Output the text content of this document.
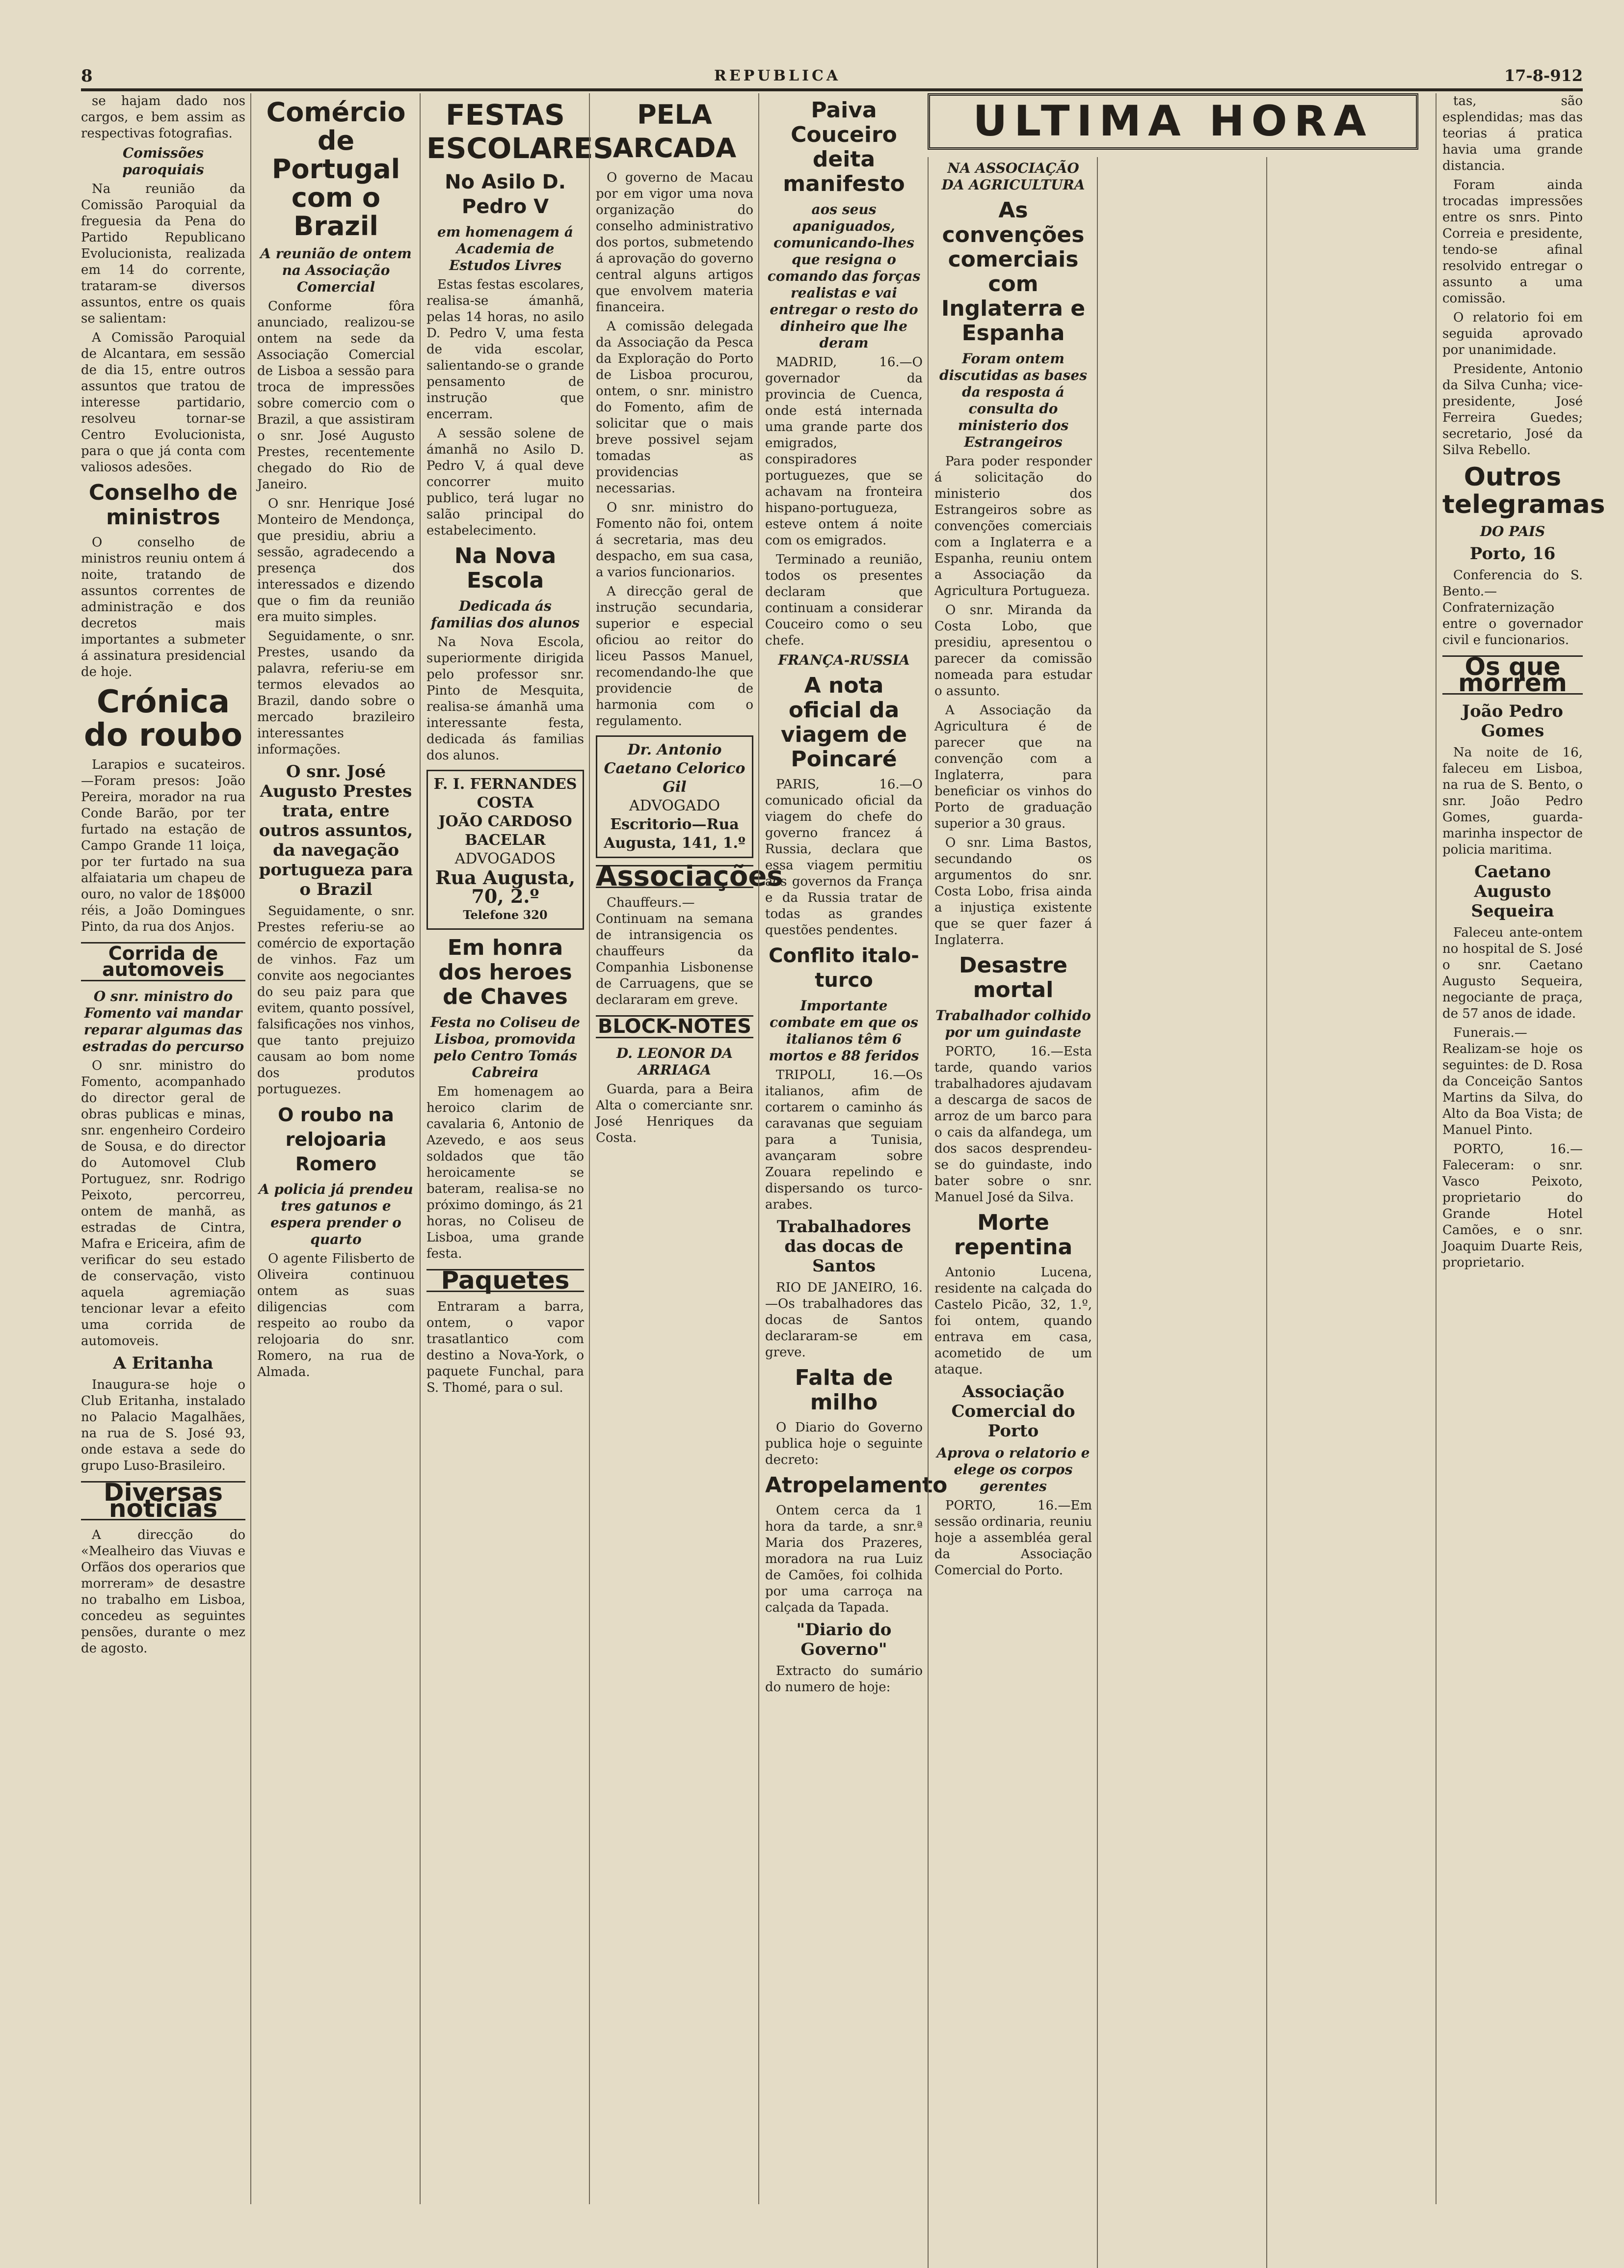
8	REPUBLICA	17-8-912
ULTIMA HORA

se hajam dado nos cargos, e bem assim as respectivas fotografias.

Comissões paroquiais

Na reunião da Comissão Paroquial da freguesia da Pena do Partido Republicano Evolucionista, realizada em 14 do corrente, trataram-se diversos assuntos, entre os quais se salientam:

A Comissão Paroquial de Alcantara, em sessão de dia 15, entre outros assuntos que tratou de interesse partidario, resolveu tornar-se Centro Evolucionista, para o que já conta com valiosos adesões.

Conselho de ministros

O conselho de ministros reuniu ontem á noite, tratando de assuntos correntes de administração e dos decretos mais importantes a submeter á assinatura presidencial de hoje.

Crónica do roubo

Larapios e sucateiros.—Foram presos: João Pereira, morador na rua Conde Barão, por ter furtado na estação de Campo Grande 11 loiça, por ter furtado na sua alfaiataria um chapeu de ouro, no valor de 18$000 réis, a João Domingues Pinto, da rua dos Anjos.

Corrida de automoveis
O snr. ministro do Fomento vai mandar reparar algumas das estradas do percurso

O snr. ministro do Fomento, acompanhado do director geral de obras publicas e minas, snr. engenheiro Cordeiro de Sousa, e do director do Automovel Club Portuguez, snr. Rodrigo Peixoto, percorreu, ontem de manhã, as estradas de Cintra, Mafra e Ericeira, afim de verificar do seu estado de conservação, visto aquela agremiação tencionar levar a efeito uma corrida de automoveis.

A Eritanha

Inaugura-se hoje o Club Eritanha, instalado no Palacio Magalhães, na rua de S. José 93, onde estava a sede do grupo Luso-Brasileiro.

Diversas noticias

A direcção do «Mealheiro das Viuvas e Orfãos dos operarios que morreram» de desastre no trabalho em Lisboa, concedeu as seguintes pensões, durante o mez de agosto.

Comércio de Portugal com o Brazil
A reunião de ontem na Associação Comercial

Conforme fôra anunciado, realizou-se ontem na sede da Associação Comercial de Lisboa a sessão para troca de impressões sobre comercio com o Brazil, a que assistiram o snr. José Augusto Prestes, recentemente chegado do Rio de Janeiro.

O snr. Henrique José Monteiro de Mendonça, que presidiu, abriu a sessão, agradecendo a presença dos interessados e dizendo que o fim da reunião era muito simples.

Seguidamente, o snr. Prestes, usando da palavra, referiu-se em termos elevados ao Brazil, dando sobre o mercado brazileiro interessantes informações.

O snr. José Augusto Prestes trata, entre outros assuntos, da navegação portugueza para o Brazil

Seguidamente, o snr. Prestes referiu-se ao comércio de exportação de vinhos. Faz um convite aos negociantes do seu paiz para que evitem, quanto possível, falsificações nos vinhos, que tanto prejuizo causam ao bom nome dos produtos portuguezes.

O roubo na relojoaria Romero
A policia já prendeu tres gatunos e espera prender o quarto

O agente Filisberto de Oliveira continuou ontem as suas diligencias com respeito ao roubo da relojoaria do snr. Romero, na rua de Almada.

FESTAS ESCOLARES
No Asilo D. Pedro V
em homenagem á Academia de Estudos Livres

Estas festas escolares, realisa-se ámanhã, pelas 14 horas, no asilo D. Pedro V, uma festa de vida escolar, salientando-se o grande pensamento de instrução que encerram.

A sessão solene de ámanhã no Asilo D. Pedro V, á qual deve concorrer muito publico, terá lugar no salão principal do estabelecimento.

Na Nova Escola
Dedicada ás familias dos alunos

Na Nova Escola, superiormente dirigida pelo professor snr. Pinto de Mesquita, realisa-se ámanhã uma interessante festa, dedicada ás familias dos alunos.

F. I. FERNANDES COSTA
JOÃO CARDOSO BACELAR
ADVOGADOS
Rua Augusta, 70, 2.º
Telefone 320
Em honra dos heroes de Chaves
Festa no Coliseu de Lisboa, promovida pelo Centro Tomás Cabreira

Em homenagem ao heroico clarim de cavalaria 6, Antonio de Azevedo, e aos seus soldados que tão heroicamente se bateram, realisa-se no próximo domingo, ás 21 horas, no Coliseu de Lisboa, uma grande festa.

Paquetes

Entraram a barra, ontem, o vapor trasatlantico com destino a Nova-York, o paquete Funchal, para S. Thomé, para o sul.

PELA ARCADA

O governo de Macau por em vigor uma nova organização do conselho administrativo dos portos, submetendo á aprovação do governo central alguns artigos que envolvem materia financeira.

A comissão delegada da Associação da Pesca da Exploração do Porto de Lisboa procurou, ontem, o snr. ministro do Fomento, afim de solicitar que o mais breve possivel sejam tomadas as providencias necessarias.

O snr. ministro do Fomento não foi, ontem á secretaria, mas deu despacho, em sua casa, a varios funcionarios.

A direcção geral de instrução secundaria, superior e especial oficiou ao reitor do liceu Passos Manuel, recomendando-lhe que providencie de harmonia com o regulamento.

Dr. Antonio Caetano Celorico Gil
ADVOGADO
Escritorio—Rua Augusta, 141, 1.º
Associações

Chauffeurs.—Continuam na semana de intransigencia os chauffeurs da Companhia Lisbonense de Carruagens, que se declararam em greve.

BLOCK-NOTES
D. LEONOR DA ARRIAGA

Guarda, para a Beira Alta o comerciante snr. José Henriques da Costa.

Paiva Couceiro deita manifesto
aos seus apaniguados, comunicando-lhes que resigna o comando das forças realistas e vai entregar o resto do dinheiro que lhe deram

MADRID, 16.—O governador da provincia de Cuenca, onde está internada uma grande parte dos emigrados, conspiradores portuguezes, que se achavam na fronteira hispano-portugueza, esteve ontem á noite com os emigrados.

Terminado a reunião, todos os presentes declaram que continuam a considerar Couceiro como o seu chefe.

FRANÇA-RUSSIA
A nota oficial da viagem de Poincaré

PARIS, 16.—O comunicado oficial da viagem do chefe do governo francez á Russia, declara que essa viagem permitiu aos governos da França e da Russia tratar de todas as grandes questões pendentes.

Conflito italo-turco
Importante combate em que os italianos têm 6 mortos e 88 feridos

TRIPOLI, 16.—Os italianos, afim de cortarem o caminho ás caravanas que seguiam para a Tunisia, avançaram sobre Zouara repelindo e dispersando os turco-arabes.

Trabalhadores das docas de Santos

RIO DE JANEIRO, 16.—Os trabalhadores das docas de Santos declararam-se em greve.

Falta de milho

O Diario do Governo publica hoje o seguinte decreto:

Atropelamento

Ontem cerca da 1 hora da tarde, a snr.ª Maria dos Prazeres, moradora na rua Luiz de Camões, foi colhida por uma carroça na calçada da Tapada.

"Diario do Governo"

Extracto do sumário do numero de hoje:

NA ASSOCIAÇÃO DA AGRICULTURA
As convenções comerciais com Inglaterra e Espanha
Foram ontem discutidas as bases da resposta á consulta do ministerio dos Estrangeiros

Para poder responder á solicitação do ministerio dos Estrangeiros sobre as convenções comerciais com a Inglaterra e a Espanha, reuniu ontem a Associação da Agricultura Portugueza.

O snr. Miranda da Costa Lobo, que presidiu, apresentou o parecer da comissão nomeada para estudar o assunto.

A Associação da Agricultura é de parecer que na convenção com a Inglaterra, para beneficiar os vinhos do Porto de graduação superior a 30 graus.

O snr. Lima Bastos, secundando os argumentos do snr. Costa Lobo, frisa ainda a injustiça existente que se quer fazer á Inglaterra.

Desastre mortal
Trabalhador colhido por um guindaste

PORTO, 16.—Esta tarde, quando varios trabalhadores ajudavam a descarga de sacos de arroz de um barco para o cais da alfandega, um dos sacos desprendeu-se do guindaste, indo bater sobre o snr. Manuel José da Silva.

Morte repentina

Antonio Lucena, residente na calçada do Castelo Picão, 32, 1.º, foi ontem, quando entrava em casa, acometido de um ataque.

Associação Comercial do Porto
Aprova o relatorio e elege os corpos gerentes

PORTO, 16.—Em sessão ordinaria, reuniu hoje a assembléa geral da Associação Comercial do Porto.

tas, são esplendidas; mas das teorias á pratica havia uma grande distancia.

Foram ainda trocadas impressões entre os snrs. Pinto Correia e presidente, tendo-se afinal resolvido entregar o assunto a uma comissão.

O relatorio foi em seguida aprovado por unanimidade.

Presidente, Antonio da Silva Cunha; vice-presidente, José Ferreira Guedes; secretario, José da Silva Rebello.

Outros telegramas
DO PAIS
Porto, 16

Conferencia do S. Bento.—Confraternização entre o governador civil e funcionarios.

Os que morrem
João Pedro Gomes

Na noite de 16, faleceu em Lisboa, na rua de S. Bento, o snr. João Pedro Gomes, guarda-marinha inspector de policia maritima.

Caetano Augusto Sequeira

Faleceu ante-ontem no hospital de S. José o snr. Caetano Augusto Sequeira, negociante de praça, de 57 anos de idade.

Funerais.—Realizam-se hoje os seguintes: de D. Rosa da Conceição Santos Martins da Silva, do Alto da Boa Vista; de Manuel Pinto.

PORTO, 16.—Faleceram: o snr. Vasco Peixoto, proprietario do Grande Hotel Camões, e o snr. Joaquim Duarte Reis, proprietario.
